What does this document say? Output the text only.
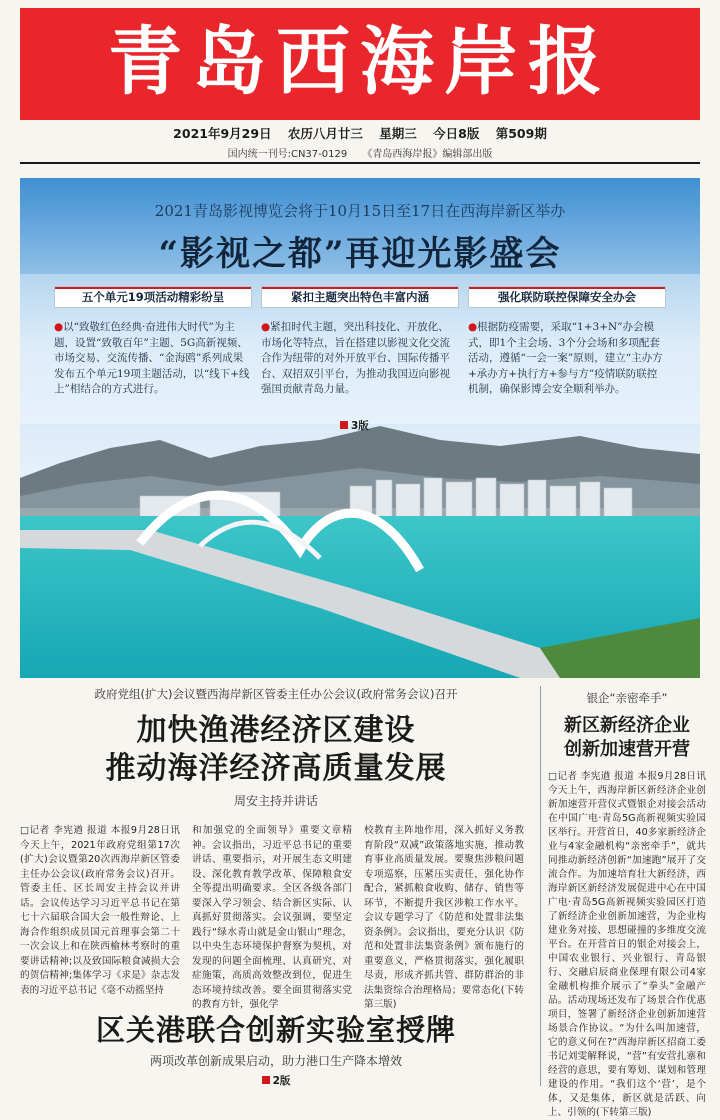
青岛西海岸报
2021年9月29日 农历八月廿三 星期三 今日8版 第509期
国内统一刊号:CN37-0129 《青岛西海岸报》编辑部出版
2021青岛影视博览会将于10月15日至17日在西海岸新区举办
“影视之都”再迎光影盛会
五个单元19项活动精彩纷呈
●以“致敬红色经典·奋进伟大时代”为主题，设置“致敬百年”主题、5G高新视频、市场交易、交流传播、“金海鸥”系列成果发布五个单元19项主题活动，以“线下+线上”相结合的方式进行。
紧扣主题突出特色丰富内涵
●紧扣时代主题，突出科技化、开放化、市场化等特点，旨在搭建以影视文化交流合作为纽带的对外开放平台、国际传播平台、双招双引平台，为推动我国迈向影视强国贡献青岛力量。
强化联防联控保障安全办会
●根据防疫需要，采取“1+3+N”办会模式，即1个主会场、3个分会场和多项配套活动，遵循“一会一案”原则，建立“主办方+承办方+执行方+参与方”疫情联防联控机制，确保影博会安全顺利举办。
3版
政府党组(扩大)会议暨西海岸新区管委主任办公会议(政府常务会议)召开
加快渔港经济区建设
推动海洋经济高质量发展
周安主持并讲话
□记者 李宪遒 报道 本报9月28日讯 今天上午，2021年政府党组第17次(扩大)会议暨第20次西海岸新区管委主任办公会议(政府常务会议)召开。管委主任、区长周安主持会议并讲话。会议传达学习习近平总书记在第七十六届联合国大会一般性辩论、上海合作组织成员国元首理事会第二十一次会议上和在陕西榆林考察时的重要讲话精神;以及致国际粮食减损大会的贺信精神;集体学习《求是》杂志发表的习近平总书记《毫不动摇坚持
和加强党的全面领导》重要文章精神。会议指出，习近平总书记的重要讲话、重要指示，对开展生态文明建设、深化教育教学改革、保障粮食安全等提出明确要求。全区各级各部门要深入学习领会、结合新区实际、认真抓好贯彻落实。会议强调，要坚定践行“绿水青山就是金山银山”理念，以中央生态环境保护督察为契机，对发现的问题全面梳理、认真研究、对症施策，高质高效整改到位，促进生态环境持续改善。要全面贯彻落实党的教育方针，强化学
校教育主阵地作用，深入抓好义务教育阶段“双减”政策落地实施，推动教育事业高质量发展。要聚焦涉粮问题专项巡察，压紧压实责任，强化协作配合，紧抓粮食收购、储存、销售等环节，不断提升我区涉粮工作水平。会议专题学习了《防范和处置非法集资条例》。会议指出，要充分认识《防范和处置非法集资条例》颁布施行的重要意义，严格贯彻落实，强化履职尽责，形成齐抓共管、群防群治的非法集资综合治理格局；要常态化(下转第三版)
银企“亲密牵手”
新区新经济企业
创新加速营开营
□记者 李宪遒 报道 本报9月28日讯 今天上午，西海岸新区新经济企业创新加速营开营仪式暨银企对接会活动在中国广电·青岛5G高新视频实验园区举行。开营首日，40多家新经济企业与4家金融机构“亲密牵手”，就共同推动新经济创新“加速跑”展开了交流合作。为加速培育壮大新经济，西海岸新区新经济发展促进中心在中国广电·青岛5G高新视频实验园区打造了新经济企业创新加速营，为企业构建业务对接、思想碰撞的多维度交流平台。在开营首日的银企对接会上，中国农业银行、兴业银行、青岛银行、交融启辰商业保理有限公司4家金融机构推介展示了“拳头”金融产品。活动现场还发布了场景合作优惠项目，签署了新经济企业创新加速营场景合作协议。“为什么叫加速营，它的意义何在?”西海岸新区招商工委书记刘雯解释说，“营”有安营扎寨和经营的意思，要有筹划、谋划和管理建设的作用。“我们这个‘营’，是个体，又是集体，新区就是活跃、向上、引领的(下转第三版)
区关港联合创新实验室授牌
两项改革创新成果启动，助力港口生产降本增效
2版
